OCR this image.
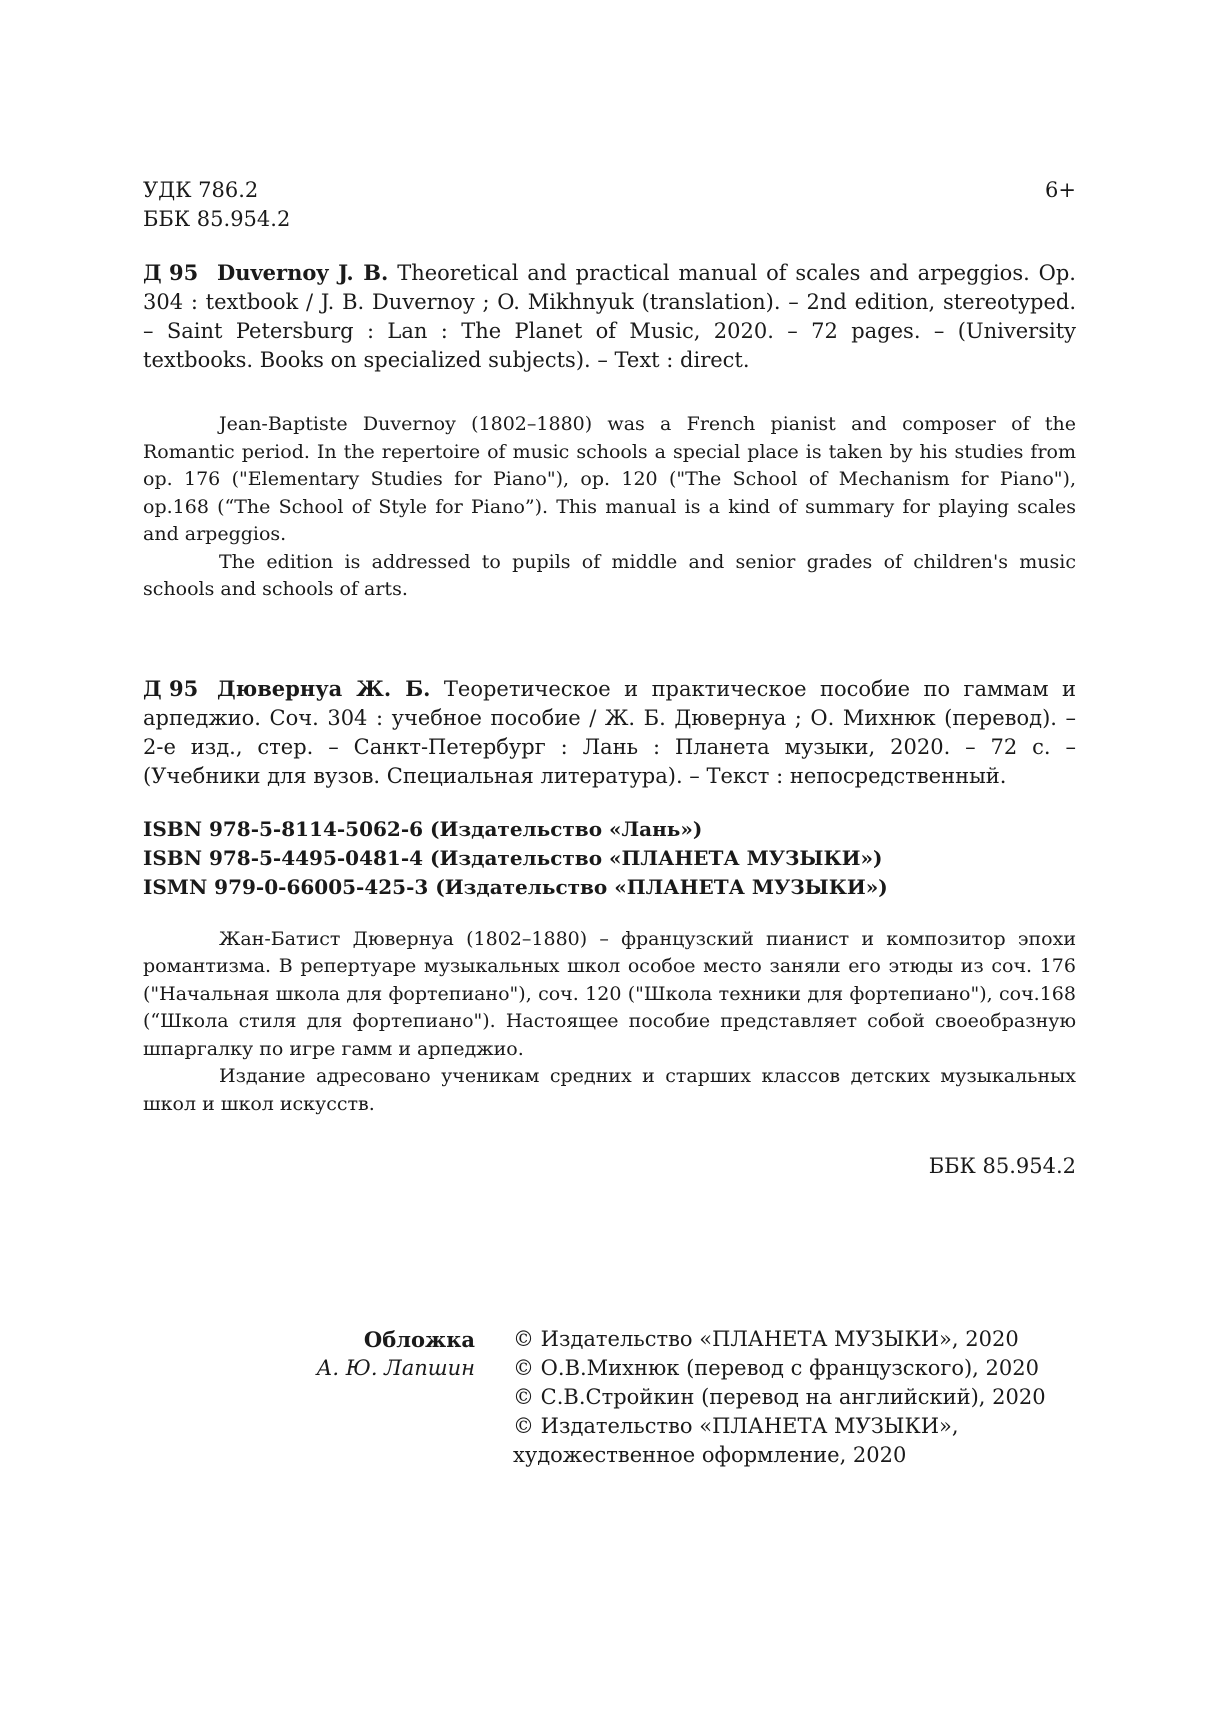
УДК 786.2
ББК 85.954.2
6+
Д 95 Duvernoy J. B. Theoretical and practical manual of scales and arpeggios. Op. 304 : textbook / J. B. Duvernoy ; O. Mikhnyuk (translation). – 2nd edition, stereotyped. – Saint Petersburg : Lan : The Planet of Music, 2020. – 72 pages. – (University textbooks. Books on specialized subjects). – Text : direct.

Jean-Baptiste Duvernoy (1802–1880) was a French pianist and composer of the Romantic period. In the repertoire of music schools a special place is taken by his studies from op. 176 ("Elementary Studies for Piano"), op. 120 ("The School of Mechanism for Piano"), op.168 (“The School of Style for Piano”). This manual is a kind of summary for playing scales and arpeggios.

The edition is addressed to pupils of middle and senior grades of children's music schools and schools of arts.

Д 95 Дювернуа Ж. Б. Теоретическое и практическое пособие по гаммам и арпеджио. Соч. 304 : учебное пособие / Ж. Б. Дювернуа ; О. Михнюк (перевод). – 2-е изд., стер. – Санкт-Петербург : Лань : Планета музыки, 2020. – 72 с. – (Учебники для вузов. Специальная литература). – Текст : непосредственный.
ISBN 978-5-8114-5062-6 (Издательство «Лань»)
ISBN 978-5-4495-0481-4 (Издательство «ПЛАНЕТА МУЗЫКИ»)
ISMN 979-0-66005-425-3 (Издательство «ПЛАНЕТА МУЗЫКИ»)

Жан-Батист Дювернуа (1802–1880) – французский пианист и композитор эпохи романтизма. В репертуаре музыкальных школ особое место заняли его этюды из соч. 176 ("Начальная школа для фортепиано"), соч. 120 ("Школа техники для фортепиано"), соч.168 (“Школа стиля для фортепиано"). Настоящее пособие представляет собой своеобразную шпаргалку по игре гамм и арпеджио.

Издание адресовано ученикам средних и старших классов детских музыкальных школ и школ искусств.

ББК 85.954.2
Обложка
А. Ю. Лапшин
© Издательство «ПЛАНЕТА МУЗЫКИ», 2020
© О.В.Михнюк (перевод с французского), 2020
© С.В.Стройкин (перевод на английский), 2020
© Издательство «ПЛАНЕТА МУЗЫКИ»,
художественное оформление, 2020
